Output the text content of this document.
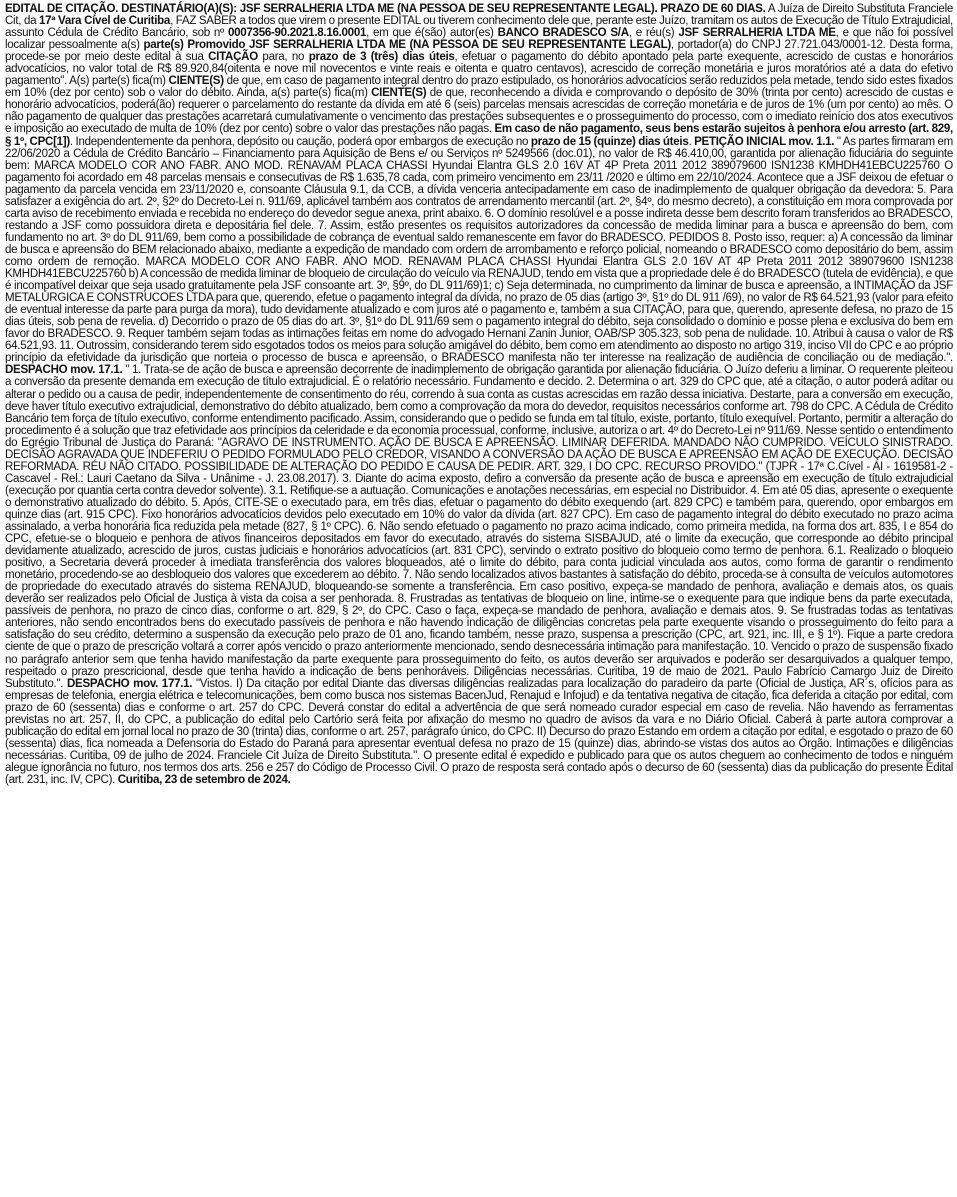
EDITAL DE CITAÇÃO. DESTINATÁRIO(A)(S): JSF SERRALHERIA LTDA ME (NA PESSOA DE SEU REPRESENTANTE LEGAL). PRAZO DE 60 DIAS. A Juíza de Direito Substituta Franciele Cit, da 17ª Vara Cível de Curitiba, FAZ SABER a todos que virem o presente EDITAL ou tiverem conhecimento dele que, perante este Juízo, tramitam os autos de Execução de Título Extrajudicial, assunto Cédula de Crédito Bancário, sob nº 0007356-90.2021.8.16.0001, em que é(são) autor(es) BANCO BRADESCO S/A, e réu(s) JSF SERRALHERIA LTDA ME, e que não foi possível localizar pessoalmente a(s) parte(s) Promovido JSF SERRALHERIA LTDA ME (NA PESSOA DE SEU REPRESENTANTE LEGAL), portador(a) do CNPJ 27.721.043/0001-12. Desta forma, procede-se por meio deste edital à sua CITAÇÃO para, no prazo de 3 (três) dias úteis, efetuar o pagamento do débito apontado pela parte exequente, acrescido de custas e honorários advocatícios, no valor total de R$ 89.920,84(oitenta e nove mil novecentos e vinte reais e oitenta e quatro centavos), acrescido de correção monetária e juros moratórios até a data do efetivo pagamento". A(s) parte(s) fica(m) CIENTE(S) de que, em caso de pagamento integral dentro do prazo estipulado, os honorários advocatícios serão reduzidos pela metade, tendo sido estes fixados em 10% (dez por cento) sob o valor do débito. Ainda, a(s) parte(s) fica(m) CIENTE(S) de que, reconhecendo a dívida e comprovando o depósito de 30% (trinta por cento) acrescido de custas e honorário advocatícios, poderá(ão) requerer o parcelamento do restante da dívida em até 6 (seis) parcelas mensais acrescidas de correção monetária e de juros de 1% (um por cento) ao mês. O não pagamento de qualquer das prestações acarretará cumulativamente o vencimento das prestações subsequentes e o prosseguimento do processo, com o imediato reinício dos atos executivos e imposição ao executado de multa de 10% (dez por cento) sobre o valor das prestações não pagas. Em caso de não pagamento, seus bens estarão sujeitos à penhora e/ou arresto (art. 829, § 1º, CPC[1]). Independentemente da penhora, depósito ou caução, poderá opor embargos de execução no prazo de 15 (quinze) dias úteis. PETIÇÃO INICIAL mov. 1.1. " As partes firmaram em 22/06/2020 a Cédula de Crédito Bancário – Financiamento para Aquisição de Bens e/ ou Serviços nº 5249566 (doc.01), no valor de R$ 46.410,00, garantida por alienação fiduciária do seguinte bem: MARCA MODELO COR ANO FABR. ANO MOD. RENAVAM PLACA CHASSI Hyundai Elantra GLS 2.0 16V AT 4P Preta 2011 2012 389079600 ISN1238 KMHDH41EBCU225760 O pagamento foi acordado em 48 parcelas mensais e consecutivas de R$ 1.635,78 cada, com primeiro vencimento em 23/11 /2020 e último em 22/10/2024. Acontece que a JSF deixou de efetuar o pagamento da parcela vencida em 23/11/2020 e, consoante Cláusula 9.1, da CCB, a dívida venceria antecipadamente em caso de inadimplemento de qualquer obrigação da devedora: 5. Para satisfazer a exigência do art. 2º, §2º do Decreto-Lei n. 911/69, aplicável também aos contratos de arrendamento mercantil (art. 2º, §4º, do mesmo decreto), a constituição em mora comprovada por carta aviso de recebimento enviada e recebida no endereço do devedor segue anexa, print abaixo. 6. O domínio resolúvel e a posse indireta desse bem descrito foram transferidos ao BRADESCO, restando a JSF como possuidora direta e depositária fiel dele. 7. Assim, estão presentes os requisitos autorizadores da concessão de medida liminar para a busca e apreensão do bem, com fundamento no art. 3º do DL 911/69, bem como a possibilidade de cobrança de eventual saldo remanescente em favor do BRADESCO. PEDIDOS 8. Posto isso, requer: a) A concessão da liminar de busca e apreensão do BEM relacionado abaixo, mediante a expedição de mandado com ordem de arrombamento e reforço policial, nomeando o BRADESCO como depositário do bem, assim como ordem de remoção. MARCA MODELO COR ANO FABR. ANO MOD. RENAVAM PLACA CHASSI Hyundai Elantra GLS 2.0 16V AT 4P Preta 2011 2012 389079600 ISN1238 KMHDH41EBCU225760 b) A concessão de medida liminar de bloqueio de circulação do veículo via RENAJUD, tendo em vista que a propriedade dele é do BRADESCO (tutela de evidência), e que é incompatível deixar que seja usado gratuitamente pela JSF consoante art. 3º, §9º, do DL 911/69)1; c) Seja determinada, no cumprimento da liminar de busca e apreensão, a INTIMAÇÃO da JSF METALÚRGICA E CONSTRUCOES LTDA para que, querendo, efetue o pagamento integral da dívida, no prazo de 05 dias (artigo 3º, §1º do DL 911 /69), no valor de R$ 64.521,93 (valor para efeito de eventual interesse da parte para purga da mora), tudo devidamente atualizado e com juros até o pagamento e, também a sua CITAÇÃO, para que, querendo, apresente defesa, no prazo de 15 dias úteis, sob pena de revelia. d) Decorrido o prazo de 05 dias do art. 3º, §1º do DL 911/69 sem o pagamento integral do débito, seja consolidado o domínio e posse plena e exclusiva do bem em favor do BRADESCO. 9. Requer também sejam todas as intimações feitas em nome do advogado Hernani Zanin Junior, OAB/SP 305.323, sob pena de nulidade. 10. Atribui à causa o valor de R$ 64.521,93. 11. Outrossim, considerando terem sido esgotados todos os meios para solução amigável do débito, bem como em atendimento ao disposto no artigo 319, inciso VII do CPC e ao próprio princípio da efetividade da jurisdição que norteia o processo de busca e apreensão, o BRADESCO manifesta não ter interesse na realização de audiência de conciliação ou de mediação.". DESPACHO mov. 17.1. " 1. Trata-se de ação de busca e apreensão decorrente de inadimplemento de obrigação garantida por alienação fiduciária. O Juízo deferiu a liminar. O requerente pleiteou a conversão da presente demanda em execução de título extrajudicial. É o relatório necessário. Fundamento e decido. 2. Determina o art. 329 do CPC que, até a citação, o autor poderá aditar ou alterar o pedido ou a causa de pedir, independentemente de consentimento do réu, correndo à sua conta as custas acrescidas em razão dessa iniciativa. Destarte, para a conversão em execução, deve haver título executivo extrajudicial, demonstrativo do débito atualizado, bem como a comprovação da mora do devedor, requisitos necessários conforme art. 798 do CPC. A Cédula de Crédito Bancário tem força de título executivo, conforme entendimento pacificado. Assim, considerando que o pedido se funda em tal título, existe, portanto, título exequível. Portanto, permitir a alteração do procedimento é a solução que traz efetividade aos princípios da celeridade e da economia processual, conforme, inclusive, autoriza o art. 4º do Decreto-Lei nº 911/69. Nesse sentido o entendimento do Egrégio Tribunal de Justiça do Paraná: "AGRAVO DE INSTRUMENTO. AÇÃO DE BUSCA E APREENSÃO. LIMINAR DEFERIDA. MANDADO NÃO CUMPRIDO. VEÍCULO SINISTRADO. DECISÃO AGRAVADA QUE INDEFERIU O PEDIDO FORMULADO PELO CREDOR, VISANDO A CONVERSÃO DA AÇÃO DE BUSCA E APREENSÃO EM AÇÃO DE EXECUÇÃO. DECISÃO REFORMADA. RÉU NÃO CITADO. POSSIBILIDADE DE ALTERAÇÃO DO PEDIDO E CAUSA DE PEDIR. ART. 329, I DO CPC. RECURSO PROVIDO." (TJPR - 17ª C.Cível - AI - 1619581-2 - Cascavel - Rel.: Lauri Caetano da Silva - Unânime - J. 23.08.2017). 3. Diante do acima exposto, defiro a conversão da presente ação de busca e apreensão em execução de título extrajudicial (execução por quantia certa contra devedor solvente). 3.1. Retifique-se a autuação. Comunicações e anotações necessárias, em especial no Distribuidor. 4. Em até 05 dias, apresente o exequente o demonstrativo atualizado do débito. 5. Após, CITE-SE o executado para, em três dias, efetuar o pagamento do débito exequendo (art. 829 CPC) e também para, querendo, opor embargos em quinze dias (art. 915 CPC). Fixo honorários advocatícios devidos pelo executado em 10% do valor da dívida (art. 827 CPC). Em caso de pagamento integral do débito executado no prazo acima assinalado, a verba honorária fica reduzida pela metade (827, § 1º CPC). 6. Não sendo efetuado o pagamento no prazo acima indicado, como primeira medida, na forma dos art. 835, I e 854 do CPC, efetue-se o bloqueio e penhora de ativos financeiros depositados em favor do executado, através do sistema SISBAJUD, até o limite da execução, que corresponde ao débito principal devidamente atualizado, acrescido de juros, custas judiciais e honorários advocatícios (art. 831 CPC), servindo o extrato positivo do bloqueio como termo de penhora. 6.1. Realizado o bloqueio positivo, a Secretaria deverá proceder à imediata transferência dos valores bloqueados, até o limite do débito, para conta judicial vinculada aos autos, como forma de garantir o rendimento monetário, procedendo-se ao desbloqueio dos valores que excederem ao débito. 7. Não sendo localizados ativos bastantes à satisfação do débito, proceda-se à consulta de veículos automotores de propriedade do executado através do sistema RENAJUD, bloqueando-se somente a transferência. Em caso positivo, expeça-se mandado de penhora, avaliação e demais atos, os quais deverão ser realizados pelo Oficial de Justiça à vista da coisa a ser penhorada. 8. Frustradas as tentativas de bloqueio on line, intime-se o exequente para que indique bens da parte executada, passíveis de penhora, no prazo de cinco dias, conforme o art. 829, § 2º, do CPC. Caso o faça, expeça-se mandado de penhora, avaliação e demais atos. 9. Se frustradas todas as tentativas anteriores, não sendo encontrados bens do executado passíveis de penhora e não havendo indicação de diligências concretas pela parte exequente visando o prosseguimento do feito para a satisfação do seu crédito, determino a suspensão da execução pelo prazo de 01 ano, ficando também, nesse prazo, suspensa a prescrição (CPC, art. 921, inc. III, e § 1º). Fique a parte credora ciente de que o prazo de prescrição voltará a correr após vencido o prazo anteriormente mencionado, sendo desnecessária intimação para manifestação. 10. Vencido o prazo de suspensão fixado no parágrafo anterior sem que tenha havido manifestação da parte exequente para prosseguimento do feito, os autos deverão ser arquivados e poderão ser desarquivados a qualquer tempo, respeitado o prazo prescricional, desde que tenha havido a indicação de bens penhoráveis. Diligências necessárias. Curitiba, 19 de maio de 2021. Paulo Fabrício Camargo Juiz de Direito Substituto.". DESPACHO mov. 177.1. "Vistos. I) Da citação por edital Diante das diversas diligências realizadas para localização do paradeiro da parte (Oficial de Justiça, AR´s, ofícios para as empresas de telefonia, energia elétrica e telecomunicações, bem como busca nos sistemas BacenJud, Renajud e Infojud) e da tentativa negativa de citação, fica deferida a citação por edital, com prazo de 60 (sessenta) dias e conforme o art. 257 do CPC. Deverá constar do edital a advertência de que será nomeado curador especial em caso de revelia. Não havendo as ferramentas previstas no art. 257, II, do CPC, a publicação do edital pelo Cartório será feita por afixação do mesmo no quadro de avisos da vara e no Diário Oficial. Caberá à parte autora comprovar a publicação do edital em jornal local no prazo de 30 (trinta) dias, conforme o art. 257, parágrafo único, do CPC. II) Decurso do prazo Estando em ordem a citação por edital, e esgotado o prazo de 60 (sessenta) dias, fica nomeada a Defensoria do Estado do Paraná para apresentar eventual defesa no prazo de 15 (quinze) dias, abrindo-se vistas dos autos ao Órgão. Intimações e diligências necessárias. Curitiba, 09 de julho de 2024. Franciele Cit Juíza de Direito Substituta.". O presente edital é expedido e publicado para que os autos cheguem ao conhecimento de todos e ninguém alegue ignorância no futuro, nos termos dos arts. 256 e 257 do Código de Processo Civil. O prazo de resposta será contado após o decurso de 60 (sessenta) dias da publicação do presente Edital (art. 231, inc. IV, CPC). Curitiba, 23 de setembro de 2024.
